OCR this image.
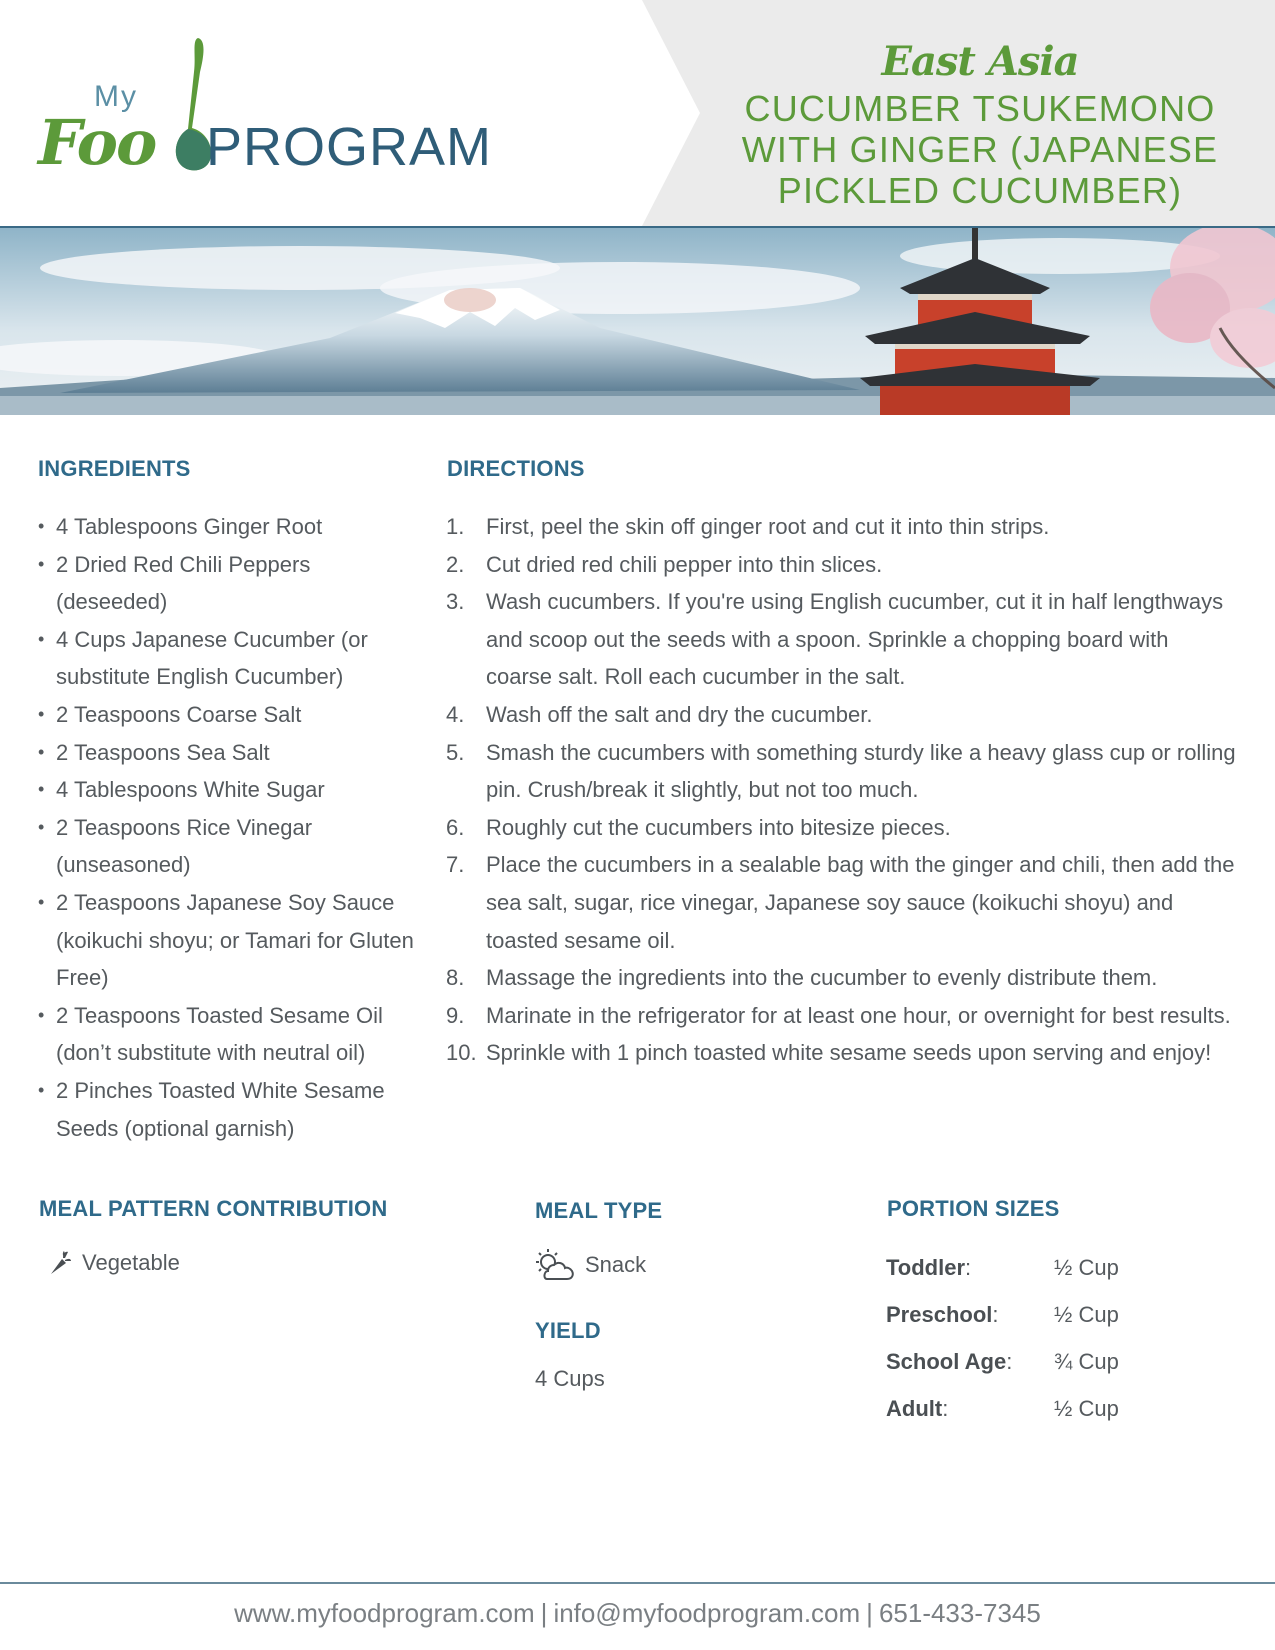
My
Foo PROGRAM
East Asia
CUCUMBER TSUKEMONO WITH GINGER (JAPANESE PICKLED CUCUMBER)
INGREDIENTS
• 4 Tablespoons Ginger Root
• 2 Dried Red Chili Peppers (deseeded)
• 4 Cups Japanese Cucumber (or substitute English Cucumber)
• 2 Teaspoons Coarse Salt
• 2 Teaspoons Sea Salt
• 4 Tablespoons White Sugar
• 2 Teaspoons Rice Vinegar (unseasoned)
• 2 Teaspoons Japanese Soy Sauce (koikuchi shoyu; or Tamari for Gluten Free)
• 2 Teaspoons Toasted Sesame Oil (don’t substitute with neutral oil)
• 2 Pinches Toasted White Sesame Seeds (optional garnish)
DIRECTIONS
1. First, peel the skin off ginger root and cut it into thin strips.
2. Cut dried red chili pepper into thin slices.
3. Wash cucumbers. If you're using English cucumber, cut it in half lengthways and scoop out the seeds with a spoon. Sprinkle a chopping board with coarse salt. Roll each cucumber in the salt.
4. Wash off the salt and dry the cucumber.
5. Smash the cucumbers with something sturdy like a heavy glass cup or rolling pin. Crush/break it slightly, but not too much.
6. Roughly cut the cucumbers into bitesize pieces.
7. Place the cucumbers in a sealable bag with the ginger and chili, then add the sea salt, sugar, rice vinegar, Japanese soy sauce (koikuchi shoyu) and toasted sesame oil.
8. Massage the ingredients into the cucumber to evenly distribute them.
9. Marinate in the refrigerator for at least one hour, or overnight for best results.
10. Sprinkle with 1 pinch toasted white sesame seeds upon serving and enjoy!
MEAL PATTERN CONTRIBUTION
Vegetable
MEAL TYPE
Snack
YIELD
4 Cups
PORTION SIZES
Toddler:	½ Cup
Preschool:	½ Cup
School Age:	¾ Cup
Adult:	½ Cup
www.myfoodprogram.com | info@myfoodprogram.com | 651-433-7345
